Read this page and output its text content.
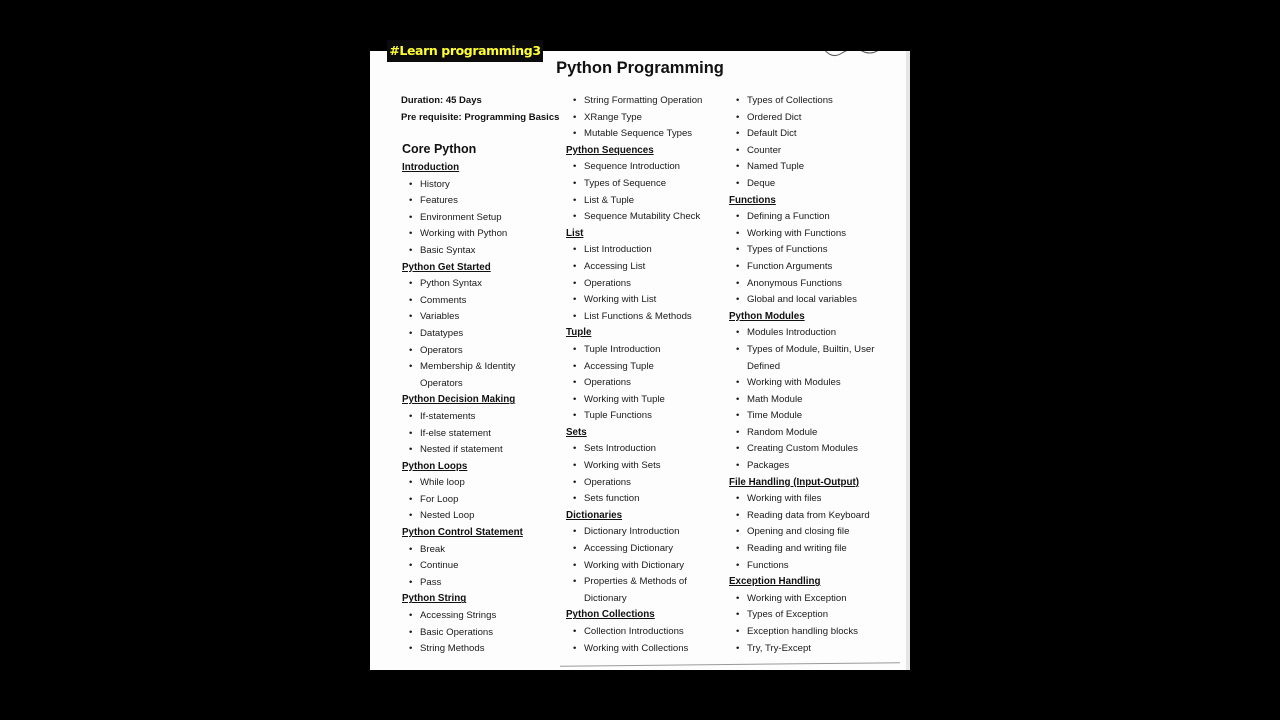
Python Programming
Duration: 45 Days
Pre requisite: Programming Basics
Core Python
Introduction
• History
• Features
• Environment Setup
• Working with Python
• Basic Syntax
Python Get Started
• Python Syntax
• Comments
• Variables
• Datatypes
• Operators
• Membership & Identity
Operators
Python Decision Making
• If-statements
• If-else statement
• Nested if statement
Python Loops
• While loop
• For Loop
• Nested Loop
Python Control Statement
• Break
• Continue
• Pass
Python String
• Accessing Strings
• Basic Operations
• String Methods
• String Formatting Operation
• XRange Type
• Mutable Sequence Types
Python Sequences
• Sequence Introduction
• Types of Sequence
• List & Tuple
• Sequence Mutability Check
List
• List Introduction
• Accessing List
• Operations
• Working with List
• List Functions & Methods
Tuple
• Tuple Introduction
• Accessing Tuple
• Operations
• Working with Tuple
• Tuple Functions
Sets
• Sets Introduction
• Working with Sets
• Operations
• Sets function
Dictionaries
• Dictionary Introduction
• Accessing Dictionary
• Working with Dictionary
• Properties & Methods of
Dictionary
Python Collections
• Collection Introductions
• Working with Collections
• Types of Collections
• Ordered Dict
• Default Dict
• Counter
• Named Tuple
• Deque
Functions
• Defining a Function
• Working with Functions
• Types of Functions
• Function Arguments
• Anonymous Functions
• Global and local variables
Python Modules
• Modules Introduction
• Types of Module, Builtin, User
Defined
• Working with Modules
• Math Module
• Time Module
• Random Module
• Creating Custom Modules
• Packages
File Handling (Input-Output)
• Working with files
• Reading data from Keyboard
• Opening and closing file
• Reading and writing file
• Functions
Exception Handling
• Working with Exception
• Types of Exception
• Exception handling blocks
• Try, Try-Except
#Learn programming3
